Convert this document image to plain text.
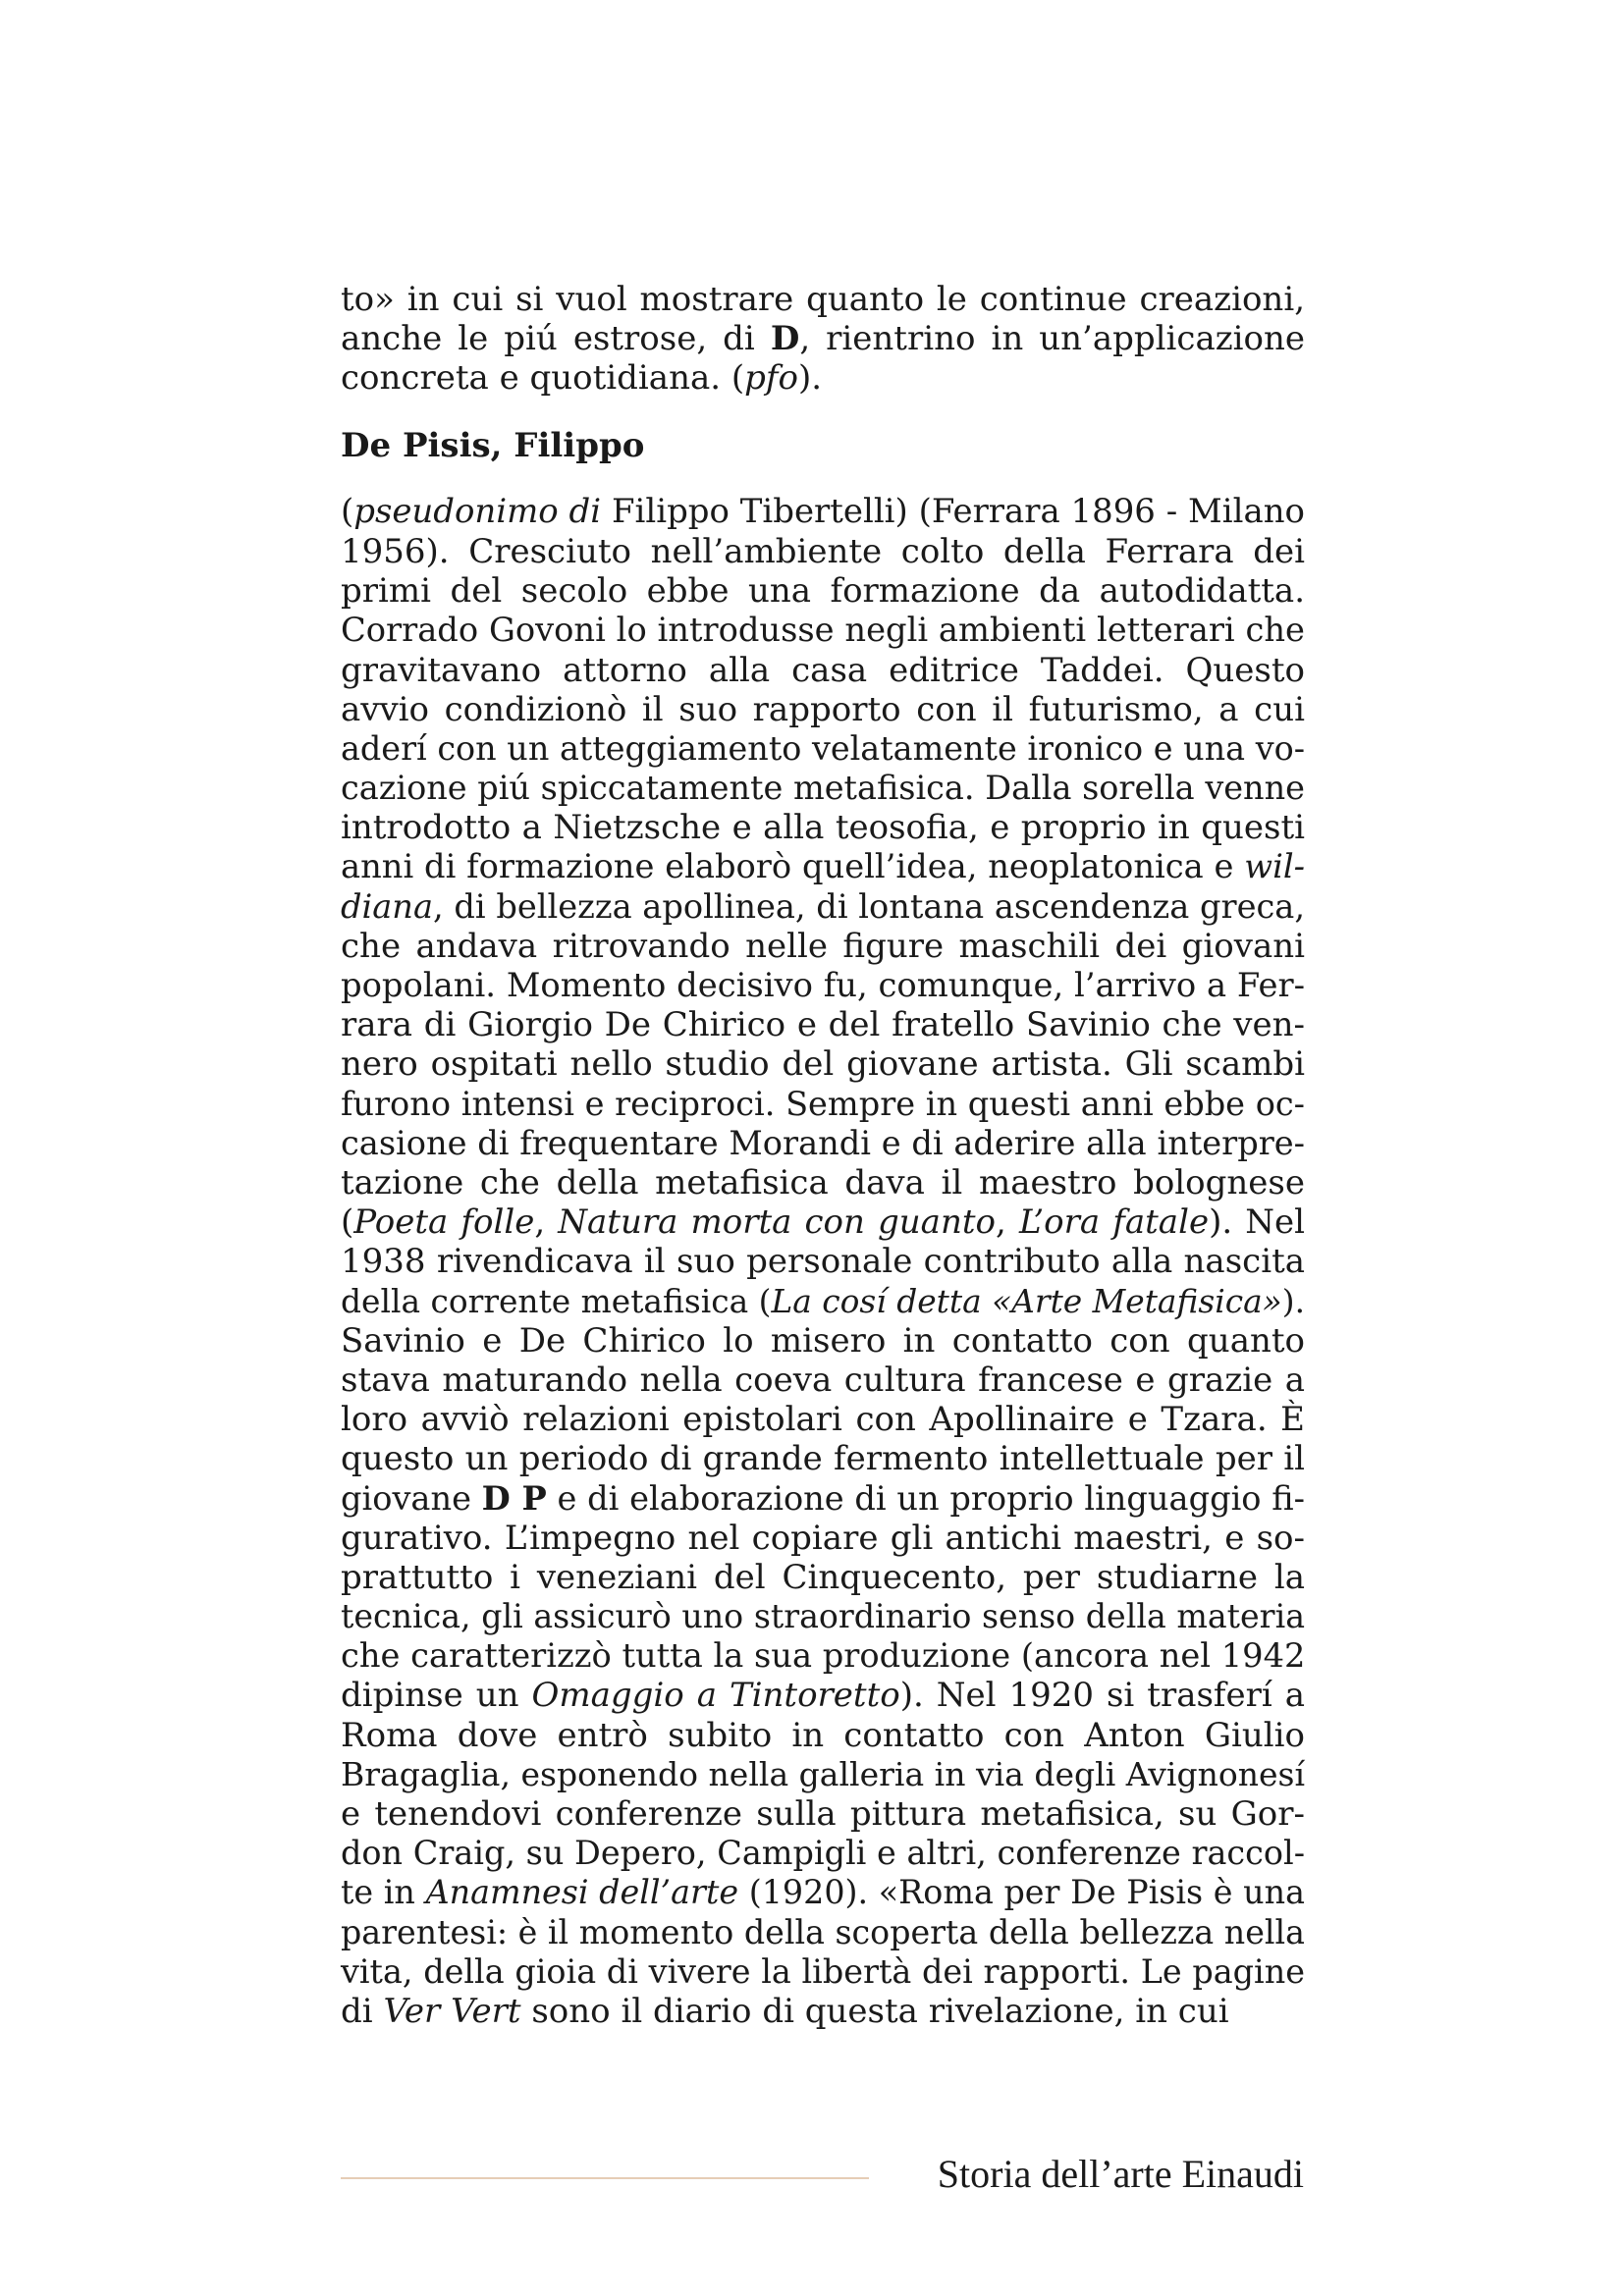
to» in cui si vuol mostrare quanto le continue creazioni,
anche le piú estrose, di D, rientrino in un’applicazione
concreta e quotidiana. (pfo).
De Pisis, Filippo
(pseudonimo di Filippo Tibertelli) (Ferrara 1896 - Milano
1956). Cresciuto nell’ambiente colto della Ferrara dei
primi del secolo ebbe una formazione da autodidatta.
Corrado Govoni lo introdusse negli ambienti letterari che
gravitavano attorno alla casa editrice Taddei. Questo
avvio condizionò il suo rapporto con il futurismo, a cui
aderí con un atteggiamento velatamente ironico e una vo-
cazione piú spiccatamente metafisica. Dalla sorella venne
introdotto a Nietzsche e alla teosofia, e proprio in questi
anni di formazione elaborò quell’idea, neoplatonica e wil-
diana, di bellezza apollinea, di lontana ascendenza greca,
che andava ritrovando nelle figure maschili dei giovani
popolani. Momento decisivo fu, comunque, l’arrivo a Fer-
rara di Giorgio De Chirico e del fratello Savinio che ven-
nero ospitati nello studio del giovane artista. Gli scambi
furono intensi e reciproci. Sempre in questi anni ebbe oc-
casione di frequentare Morandi e di aderire alla interpre-
tazione che della metafisica dava il maestro bolognese
(Poeta folle, Natura morta con guanto, L’ora fatale). Nel
1938 rivendicava il suo personale contributo alla nascita
della corrente metafisica (La cosí detta «Arte Metafisica»).
Savinio e De Chirico lo misero in contatto con quanto
stava maturando nella coeva cultura francese e grazie a
loro avviò relazioni epistolari con Apollinaire e Tzara. È
questo un periodo di grande fermento intellettuale per il
giovane D P e di elaborazione di un proprio linguaggio fi-
gurativo. L’impegno nel copiare gli antichi maestri, e so-
prattutto i veneziani del Cinquecento, per studiarne la
tecnica, gli assicurò uno straordinario senso della materia
che caratterizzò tutta la sua produzione (ancora nel 1942
dipinse un Omaggio a Tintoretto). Nel 1920 si trasferí a
Roma dove entrò subito in contatto con Anton Giulio
Bragaglia, esponendo nella galleria in via degli Avignonesí
e tenendovi conferenze sulla pittura metafisica, su Gor-
don Craig, su Depero, Campigli e altri, conferenze raccol-
te in Anamnesi dell’arte (1920). «Roma per De Pisis è una
parentesi: è il momento della scoperta della bellezza nella
vita, della gioia di vivere la libertà dei rapporti. Le pagine
di Ver Vert sono il diario di questa rivelazione, in cui
Storia dell’arte Einaudi
